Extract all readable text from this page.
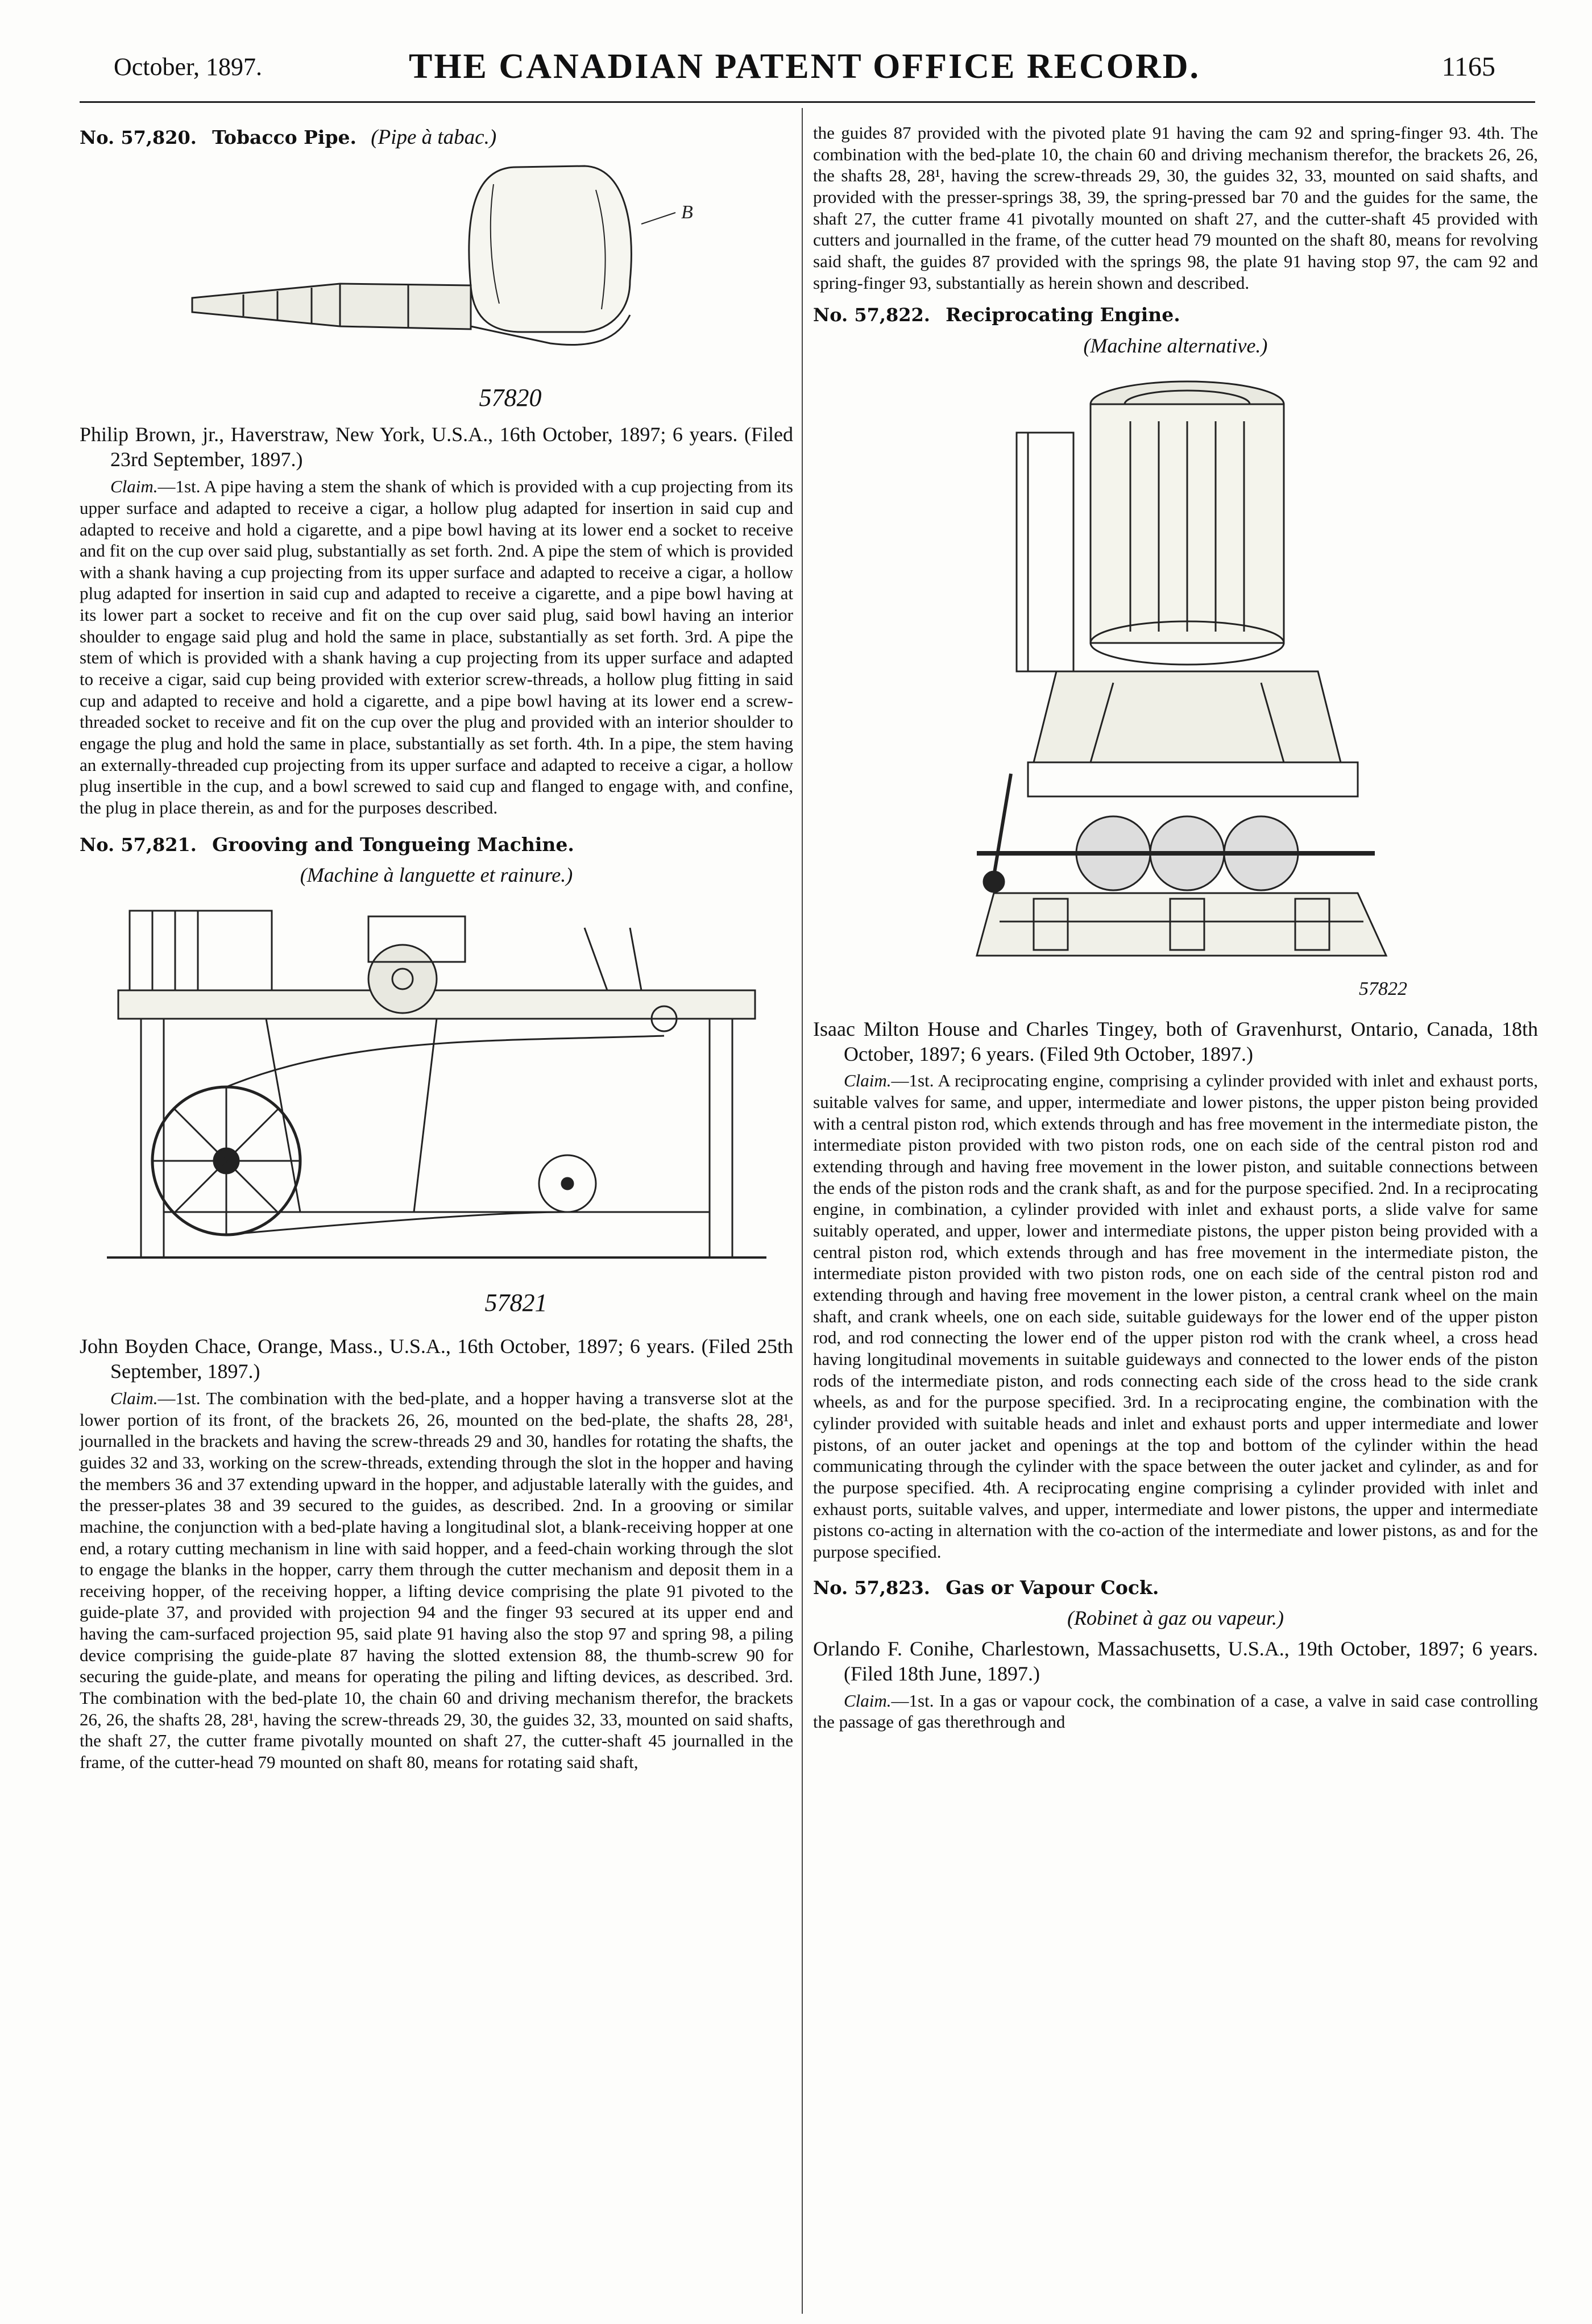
October, 1897.	THE CANADIAN PATENT OFFICE RECORD.	1165
No. 57,820. Tobacco Pipe. (Pipe à tabac.)
B
57820
Philip Brown, jr., Haverstraw, New York, U.S.A., 16th October, 1897; 6 years. (Filed 23rd September, 1897.)

Claim.—1st. A pipe having a stem the shank of which is provided with a cup projecting from its upper surface and adapted to receive a cigar, a hollow plug adapted for insertion in said cup and adapted to receive and hold a cigarette, and a pipe bowl having at its lower end a socket to receive and fit on the cup over said plug, substantially as set forth. 2nd. A pipe the stem of which is provided with a shank having a cup projecting from its upper surface and adapted to receive a cigar, a hollow plug adapted for insertion in said cup and adapted to receive a cigarette, and a pipe bowl having at its lower part a socket to receive and fit on the cup over said plug, said bowl having an interior shoulder to engage said plug and hold the same in place, substantially as set forth. 3rd. A pipe the stem of which is provided with a shank having a cup projecting from its upper surface and adapted to receive a cigar, said cup being provided with exterior screw-threads, a hollow plug fitting in said cup and adapted to receive and hold a cigarette, and a pipe bowl having at its lower end a screw-threaded socket to receive and fit on the cup over the plug and provided with an interior shoulder to engage the plug and hold the same in place, substantially as set forth. 4th. In a pipe, the stem having an externally-threaded cup projecting from its upper surface and adapted to receive a cigar, a hollow plug insertible in the cup, and a bowl screwed to said cup and flanged to engage with, and confine, the plug in place therein, as and for the purposes described.

No. 57,821. Grooving and Tongueing Machine.
(Machine à languette et rainure.)
57821
John Boyden Chace, Orange, Mass., U.S.A., 16th October, 1897; 6 years. (Filed 25th September, 1897.)

Claim.—1st. The combination with the bed-plate, and a hopper having a transverse slot at the lower portion of its front, of the brackets 26, 26, mounted on the bed-plate, the shafts 28, 28¹, journalled in the brackets and having the screw-threads 29 and 30, handles for rotating the shafts, the guides 32 and 33, working on the screw-threads, extending through the slot in the hopper and having the members 36 and 37 extending upward in the hopper, and adjustable laterally with the guides, and the presser-plates 38 and 39 secured to the guides, as described. 2nd. In a grooving or similar machine, the conjunction with a bed-plate having a longitudinal slot, a blank-receiving hopper at one end, a rotary cutting mechanism in line with said hopper, and a feed-chain working through the slot to engage the blanks in the hopper, carry them through the cutter mechanism and deposit them in a receiving hopper, of the receiving hopper, a lifting device comprising the plate 91 pivoted to the guide-plate 37, and provided with projection 94 and the finger 93 secured at its upper end and having the cam-surfaced projection 95, said plate 91 having also the stop 97 and spring 98, a piling device comprising the guide-plate 87 having the slotted extension 88, the thumb-screw 90 for securing the guide-plate, and means for operating the piling and lifting devices, as described. 3rd. The combination with the bed-plate 10, the chain 60 and driving mechanism therefor, the brackets 26, 26, the shafts 28, 28¹, having the screw-threads 29, 30, the guides 32, 33, mounted on said shafts, the shaft 27, the cutter frame pivotally mounted on shaft 27, the cutter-shaft 45 journalled in the frame, of the cutter-head 79 mounted on shaft 80, means for rotating said shaft,

the guides 87 provided with the pivoted plate 91 having the cam 92 and spring-finger 93. 4th. The combination with the bed-plate 10, the chain 60 and driving mechanism therefor, the brackets 26, 26, the shafts 28, 28¹, having the screw-threads 29, 30, the guides 32, 33, mounted on said shafts, and provided with the presser-springs 38, 39, the spring-pressed bar 70 and the guides for the same, the shaft 27, the cutter frame 41 pivotally mounted on shaft 27, and the cutter-shaft 45 provided with cutters and journalled in the frame, of the cutter head 79 mounted on the shaft 80, means for revolving said shaft, the guides 87 provided with the springs 98, the plate 91 having stop 97, the cam 92 and spring-finger 93, substantially as herein shown and described.

No. 57,822. Reciprocating Engine.
(Machine alternative.)
57822
Isaac Milton House and Charles Tingey, both of Gravenhurst, Ontario, Canada, 18th October, 1897; 6 years. (Filed 9th October, 1897.)

Claim.—1st. A reciprocating engine, comprising a cylinder provided with inlet and exhaust ports, suitable valves for same, and upper, intermediate and lower pistons, the upper piston being provided with a central piston rod, which extends through and has free movement in the intermediate piston, the intermediate piston provided with two piston rods, one on each side of the central piston rod and extending through and having free movement in the lower piston, and suitable connections between the ends of the piston rods and the crank shaft, as and for the purpose specified. 2nd. In a reciprocating engine, in combination, a cylinder provided with inlet and exhaust ports, a slide valve for same suitably operated, and upper, lower and intermediate pistons, the upper piston being provided with a central piston rod, which extends through and has free movement in the intermediate piston, the intermediate piston provided with two piston rods, one on each side of the central piston rod and extending through and having free movement in the lower piston, a central crank wheel on the main shaft, and crank wheels, one on each side, suitable guideways for the lower end of the upper piston rod, and rod connecting the lower end of the upper piston rod with the crank wheel, a cross head having longitudinal movements in suitable guideways and connected to the lower ends of the piston rods of the intermediate piston, and rods connecting each side of the cross head to the side crank wheels, as and for the purpose specified. 3rd. In a reciprocating engine, the combination with the cylinder provided with suitable heads and inlet and exhaust ports and upper intermediate and lower pistons, of an outer jacket and openings at the top and bottom of the cylinder within the head communicating through the cylinder with the space between the outer jacket and cylinder, as and for the purpose specified. 4th. A reciprocating engine comprising a cylinder provided with inlet and exhaust ports, suitable valves, and upper, intermediate and lower pistons, the upper and intermediate pistons co-acting in alternation with the co-action of the intermediate and lower pistons, as and for the purpose specified.

No. 57,823. Gas or Vapour Cock.
(Robinet à gaz ou vapeur.)
Orlando F. Conihe, Charlestown, Massachusetts, U.S.A., 19th October, 1897; 6 years. (Filed 18th June, 1897.)

Claim.—1st. In a gas or vapour cock, the combination of a case, a valve in said case controlling the passage of gas therethrough and
